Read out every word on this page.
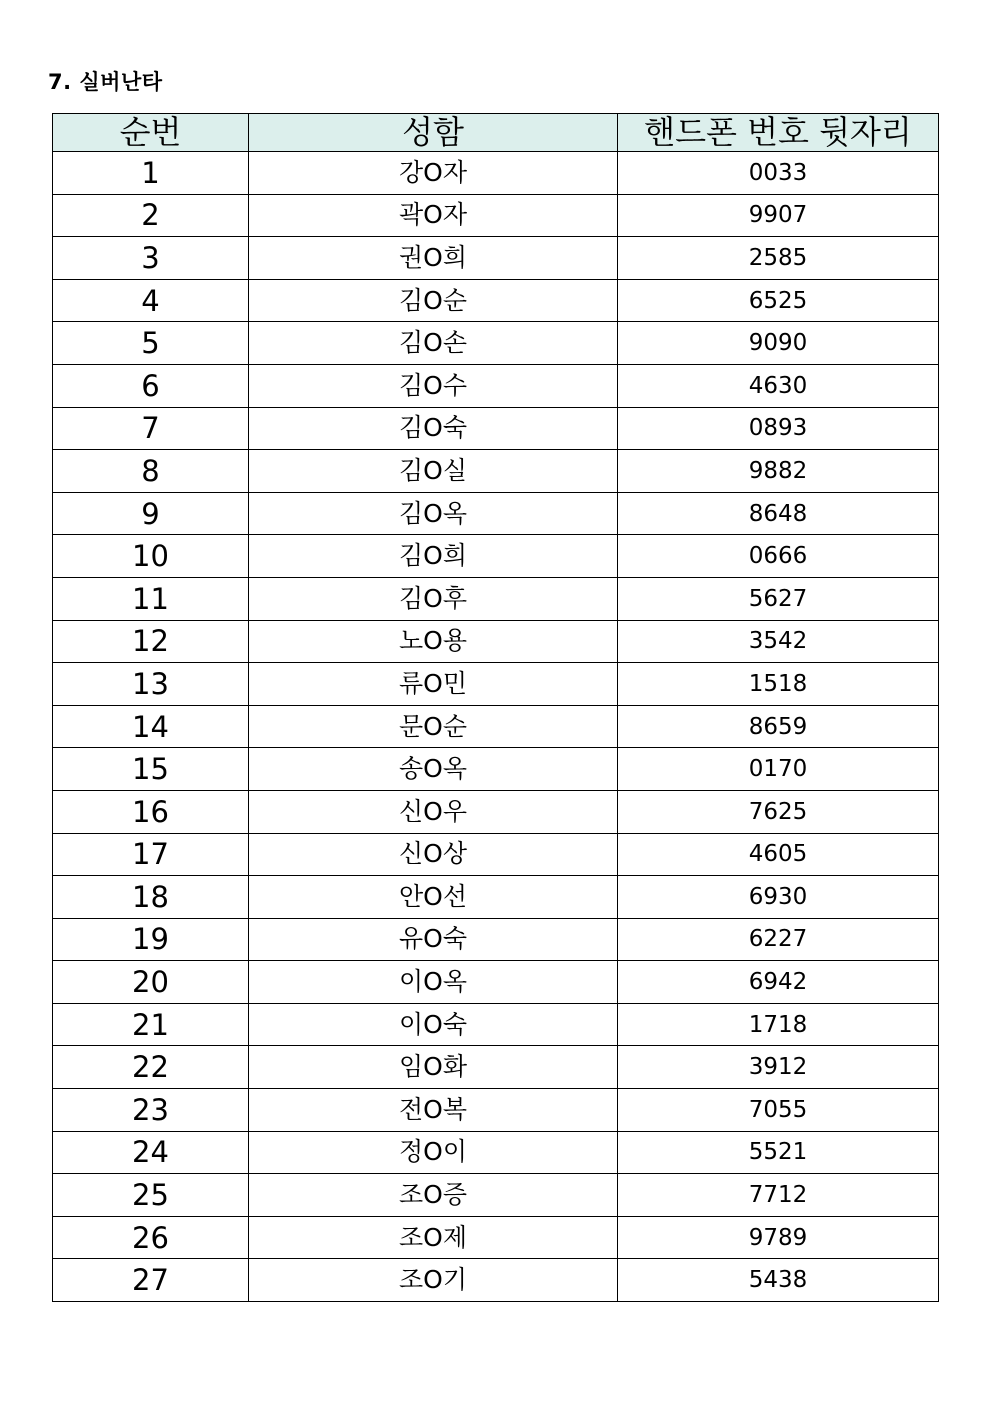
7. 실버난타
순번	성함	핸드폰 번호 뒷자리
1	강O자	0033
2	곽O자	9907
3	권O희	2585
4	김O순	6525
5	김O손	9090
6	김O수	4630
7	김O숙	0893
8	김O실	9882
9	김O옥	8648
10	김O희	0666
11	김O후	5627
12	노O용	3542
13	류O민	1518
14	문O순	8659
15	송O옥	0170
16	신O우	7625
17	신O상	4605
18	안O선	6930
19	유O숙	6227
20	이O옥	6942
21	이O숙	1718
22	임O화	3912
23	전O복	7055
24	정O이	5521
25	조O증	7712
26	조O제	9789
27	조O기	5438
